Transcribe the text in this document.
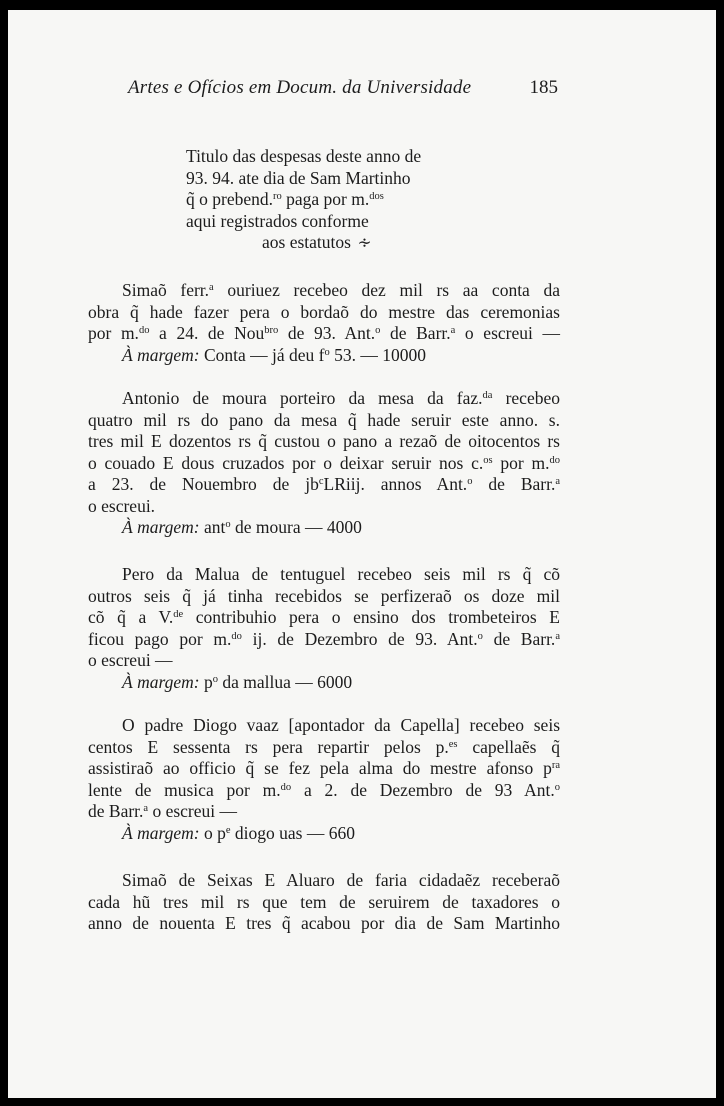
Artes e Ofícios em Docum. da Universidade	185
Titulo das despesas deste anno de
93. 94. ate dia de Sam Martinho
q̃ o prebend.$^{ro}$ paga por m.$^{dos}$
aqui registrados conforme
aos estatutos ∻
Simaõ ferr.$^a$ ouriuez recebeo dez mil rs aa conta da
obra q̃ hade fazer pera o bordaõ do mestre das ceremonias
por m.$^{do}$ a 24. de Nou$^{bro}$ de 93. Ant.$^o$ de Barr.$^a$ o escreui —
À margem: Conta — já deu $f^o$ 53. — 10000
Antonio de moura porteiro da mesa da faz.$^{da}$ recebeo
quatro mil rs do pano da mesa q̃ hade seruir este anno. s.
tres mil E dozentos rs q̃ custou o pano a rezaõ de oitocentos rs
o couado E dous cruzados por o deixar seruir nos c.$^{os}$ por m.$^{do}$
a 23. de Nouembro de $jb^cLRiij$. annos Ant.$^o$ de Barr.$^a$
o escreui.
À margem: ant$^o$ de moura — 4000
Pero da Malua de tentuguel recebeo seis mil rs q̃ cõ
outros seis q̃ já tinha recebidos se perfizeraõ os doze mil
cõ q̃ a V.$^{de}$ contribuhio pera o ensino dos trombeteiros E
ficou pago por m.$^{do}$ ij. de Dezembro de 93. Ant.$^o$ de Barr.$^a$
o escreui —
À margem: $p^o$ da mallua — 6000
O padre Diogo vaaz [apontador da Capella] recebeo seis
centos E sessenta rs pera repartir pelos p.$^{es}$ capellaẽs q̃
assistiraõ ao officio q̃ se fez pela alma do mestre afonso $p^{ra}$
lente de musica por m.$^{do}$ a 2. de Dezembro de 93 Ant.$^o$
de Barr.$^a$ o escreui —
À margem: o $p^e$ diogo uas — 660
Simaõ de Seixas E Aluaro de faria cidadaẽz receberaõ
cada hũ tres mil rs que tem de seruirem de taxadores o
anno de nouenta E tres q̃ acabou por dia de Sam Martinho
